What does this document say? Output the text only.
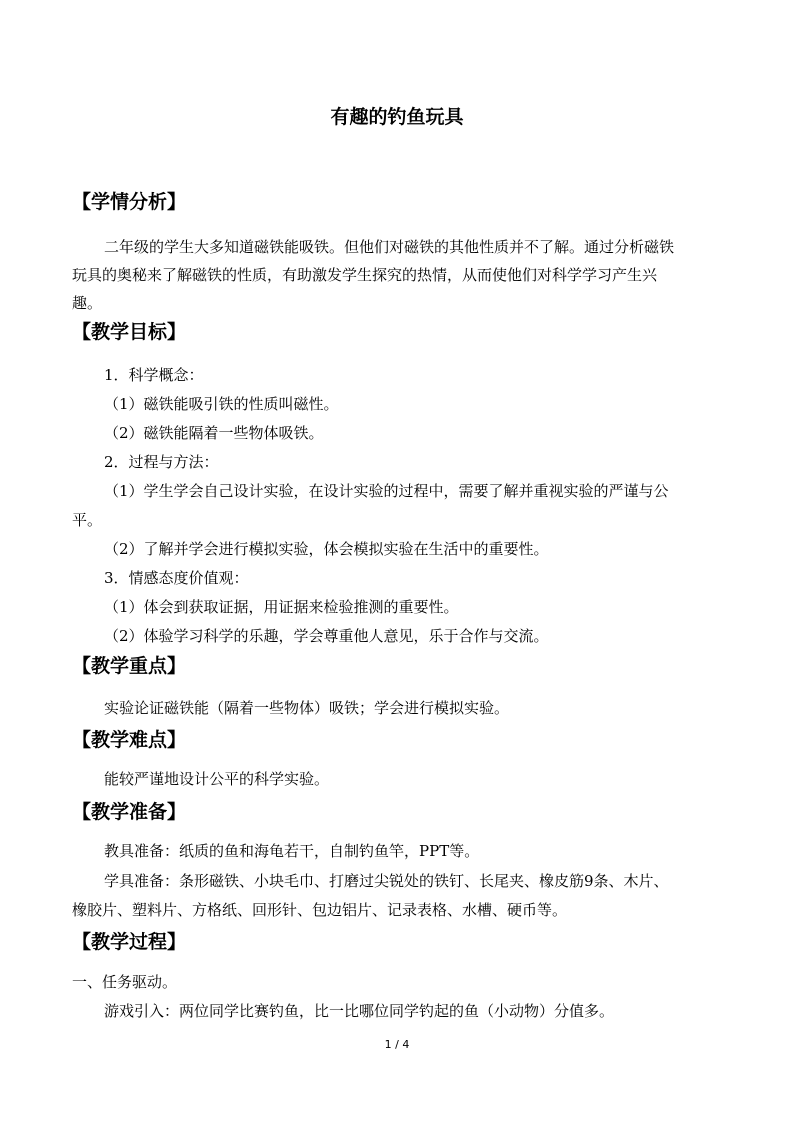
有趣的钓鱼玩具
【学情分析】
二年级的学生大多知道磁铁能吸铁。但他们对磁铁的其他性质并不了解。通过分析磁铁
玩具的奥秘来了解磁铁的性质，有助激发学生探究的热情，从而使他们对科学学习产生兴
趣。
【教学目标】
1．科学概念：
（1）磁铁能吸引铁的性质叫磁性。
（2）磁铁能隔着一些物体吸铁。
2．过程与方法：
（1）学生学会自己设计实验，在设计实验的过程中，需要了解并重视实验的严谨与公
平。
（2）了解并学会进行模拟实验，体会模拟实验在生活中的重要性。
3．情感态度价值观：
（1）体会到获取证据，用证据来检验推测的重要性。
（2）体验学习科学的乐趣，学会尊重他人意见，乐于合作与交流。
【教学重点】
实验论证磁铁能（隔着一些物体）吸铁；学会进行模拟实验。
【教学难点】
能较严谨地设计公平的科学实验。
【教学准备】
教具准备：纸质的鱼和海龟若干，自制钓鱼竿，PPT等。
学具准备：条形磁铁、小块毛巾、打磨过尖锐处的铁钉、长尾夹、橡皮筋9条、木片、
橡胶片、塑料片、方格纸、回形针、包边铝片、记录表格、水槽、硬币等。
【教学过程】
一、任务驱动。
游戏引入：两位同学比赛钓鱼，比一比哪位同学钓起的鱼（小动物）分值多。
1 / 4
